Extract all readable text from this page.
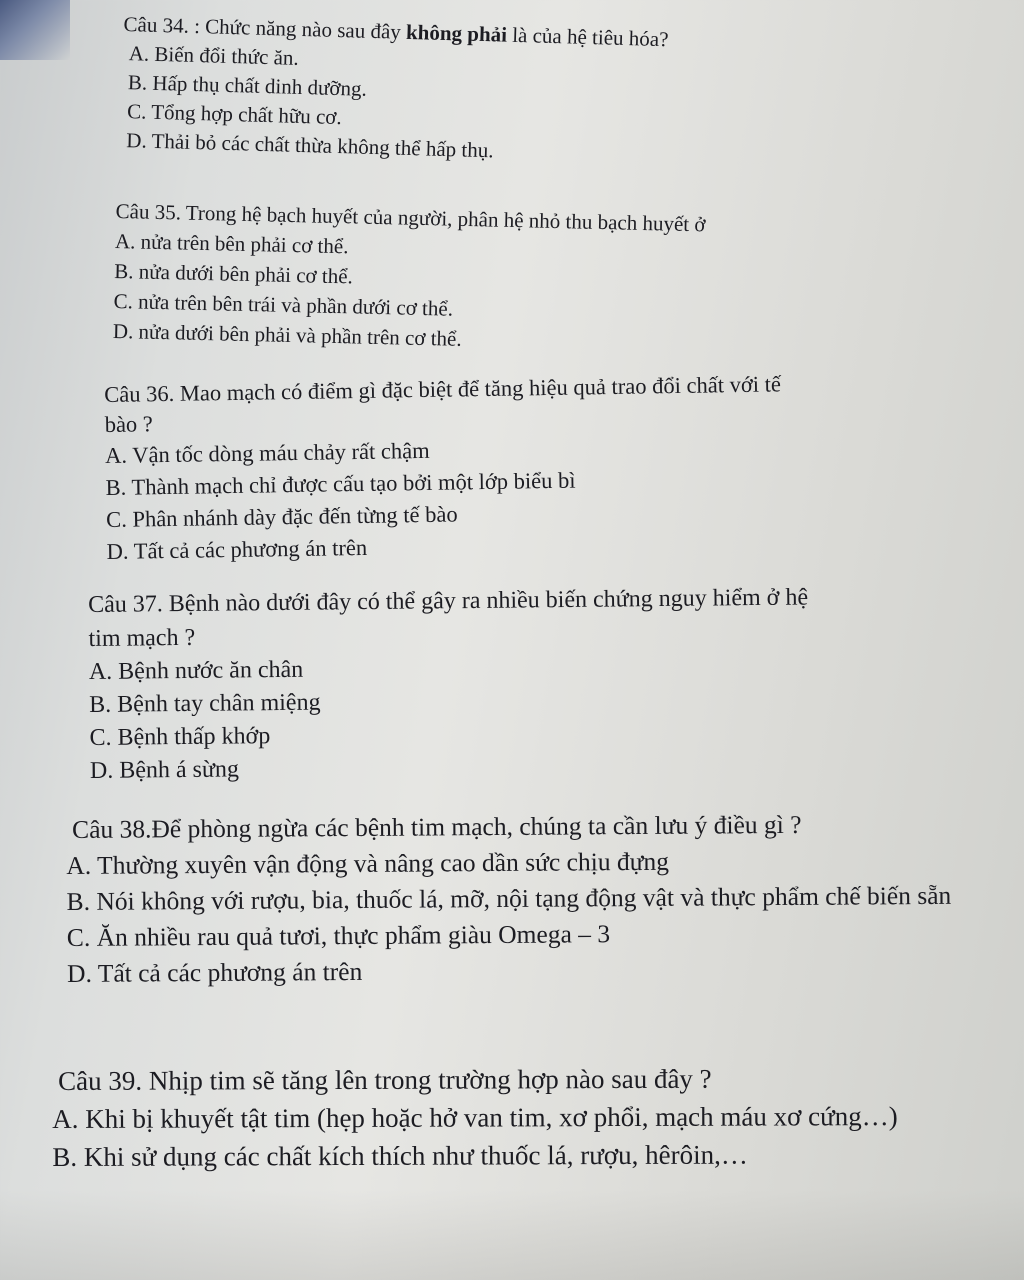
Câu 34. : Chức năng nào sau đây không phải là của hệ tiêu hóa?

A. Biến đổi thức ăn.

B. Hấp thụ chất dinh dưỡng.

C. Tổng hợp chất hữu cơ.

D. Thải bỏ các chất thừa không thể hấp thụ.

Câu 35. Trong hệ bạch huyết của người, phân hệ nhỏ thu bạch huyết ở

A. nửa trên bên phải cơ thể.

B. nửa dưới bên phải cơ thể.

C. nửa trên bên trái và phần dưới cơ thể.

D. nửa dưới bên phải và phần trên cơ thể.

Câu 36. Mao mạch có điểm gì đặc biệt để tăng hiệu quả trao đổi chất với tế

bào ?

A. Vận tốc dòng máu chảy rất chậm

B. Thành mạch chỉ được cấu tạo bởi một lớp biểu bì

C. Phân nhánh dày đặc đến từng tế bào

D. Tất cả các phương án trên

Câu 37. Bệnh nào dưới đây có thể gây ra nhiều biến chứng nguy hiểm ở hệ

tim mạch ?

A. Bệnh nước ăn chân

B. Bệnh tay chân miệng

C. Bệnh thấp khớp

D. Bệnh á sừng

Câu 38.Để phòng ngừa các bệnh tim mạch, chúng ta cần lưu ý điều gì ?

A. Thường xuyên vận động và nâng cao dần sức chịu đựng

B. Nói không với rượu, bia, thuốc lá, mỡ, nội tạng động vật và thực phẩm chế biến sẵn

C. Ăn nhiều rau quả tươi, thực phẩm giàu Omega – 3

D. Tất cả các phương án trên

Câu 39. Nhịp tim sẽ tăng lên trong trường hợp nào sau đây ?

A. Khi bị khuyết tật tim (hẹp hoặc hở van tim, xơ phổi, mạch máu xơ cứng…)

B. Khi sử dụng các chất kích thích như thuốc lá, rượu, hêrôin,…
